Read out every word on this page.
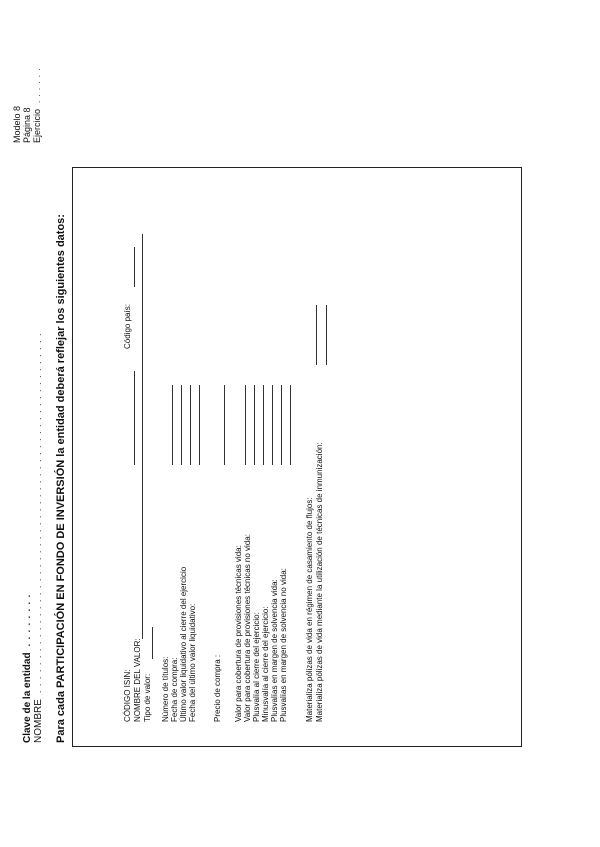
Clave de la entidad. . . . . . . .
NOMBRE. . . . . . . . . . . . . . . . . . . . . . . . . . . . . . . . . . . . . . . . . . . . . . . . . . . . Para cada PARTICIPACIÓN EN FONDO DE INVERSIÓN la entidad deberá reflejar los siguientes datos:
Modelo 8 Página 8 Ejercicio. . . . . .
CÓDIGO ISIN:
Código país:
NOMBRE DEL VALOR: Tipo de valor: Número de títulos: Fecha de compra: Último valor liquidativo al cierre del ejercicio Fecha del último valor liquidativo: Precio de compra : Valor para cobertura de provisiones técnicas vida: Valor para cobertura de provisiones técnicas no vida: Plusvalía al cierre del ejercicio: Minusvalía al cierre del ejercicio: Plusvalías en margen de solvencia vida: Plusvalías en margen de solvencia no vida: Materializa pólizas de vida en régimen de casamiento de flujos: Materializa pólizas de vida mediante la utilización de técnicas de inmunización:
